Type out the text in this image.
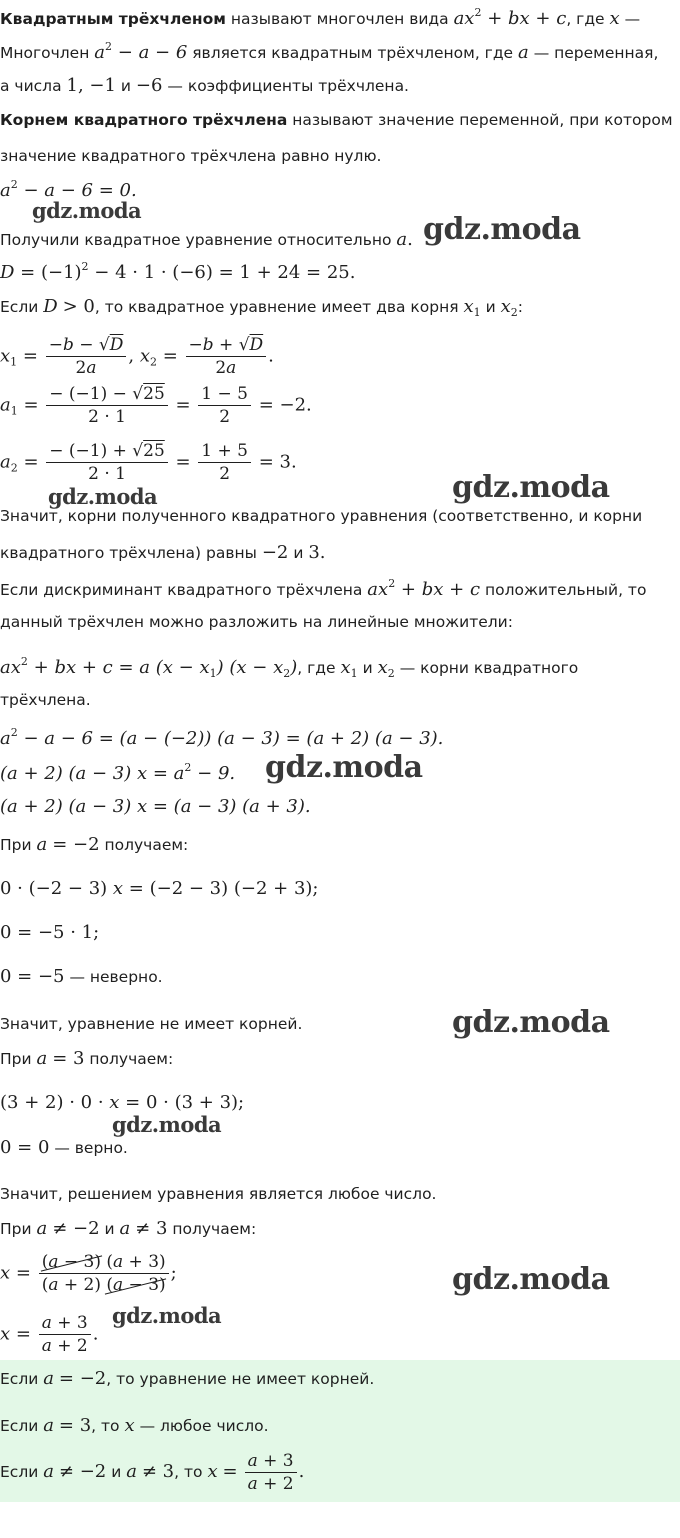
Квадратным трёхчленом называют многочлен вида $ax^2$ + bx + c, где x —
Многочлен $a^2 - a - 6$ является квадратным трёхчленом, где a — переменная,
а числа 1, −1 и −6 — коэффициенты трёхчлена.
Корнем квадратного трёхчлена называют значение переменной, при котором
значение квадратного трёхчлена равно нулю.
$a^2 - a - 6 = 0$.
Получили квадратное уравнение относительно a.
$D = (-1)^2 - 4 \cdot 1 \cdot (-6) = 1 + 24 = 25$.
Если D > 0, то квадратное уравнение имеет два корня $x_1$ и $x_2$:
$x_1 = \frac{-b - √D}{2a}$ , $x_2 = \frac{-b + √D}{2a}$ .
$a_1 = \frac{- (-1) - √25}{2 \cdot 1} = \frac{1 - 5}{2} = -2$.
$a_2 = \frac{- (-1) + √25}{2 \cdot 1} = \frac{1 + 5}{2} = 3$.
Значит, корни полученного квадратного уравнения (соответственно, и корни
квадратного трёхчлена) равны −2 и 3.
Если дискриминант квадратного трёхчлена $ax^2$ + bx + c положительный, то
данный трёхчлен можно разложить на линейные множители:
$ax^2$ + bx + c = a $(x - x_1)$ $(x - x_2)$, где $x_1$ и $x_2$ — корни квадратного
трёхчлена.
$a^2 - a - 6 = (a - (-2)) (a - 3) = (a + 2) (a - 3)$.
(a + 2) (a − 3) $x = a^2 - 9$.
(a + 2) (a − 3) x = (a − 3) (a + 3).
При a = −2 получаем:
0 · (−2 − 3) x = (−2 − 3) (−2 + 3);
0 = −5 · 1;
0 = −5 — неверно.
Значит, уравнение не имеет корней.
При a = 3 получаем:
(3 + 2) · 0 · x = 0 · (3 + 3);
0 = 0 — верно.
Значит, решением уравнения является любое число.
При a ≠ −2 и a ≠ 3 получаем:
$x = \frac{(a - 3) (a + 3)}{(a + 2) (a - 3)}$ ;
$x = \frac{a + 3}{a + 2}$ .
Если a = −2, то уравнение не имеет корней.
Если a = 3, то x — любое число.
Если a ≠ −2 и a ≠ 3, то $x = \frac{a + 3}{a + 2}$ .
gdz.moda
gdz.moda
gdz.moda	gdz.moda
gdz.moda
gdz.moda
gdz.moda
gdz.moda
gdz.moda
